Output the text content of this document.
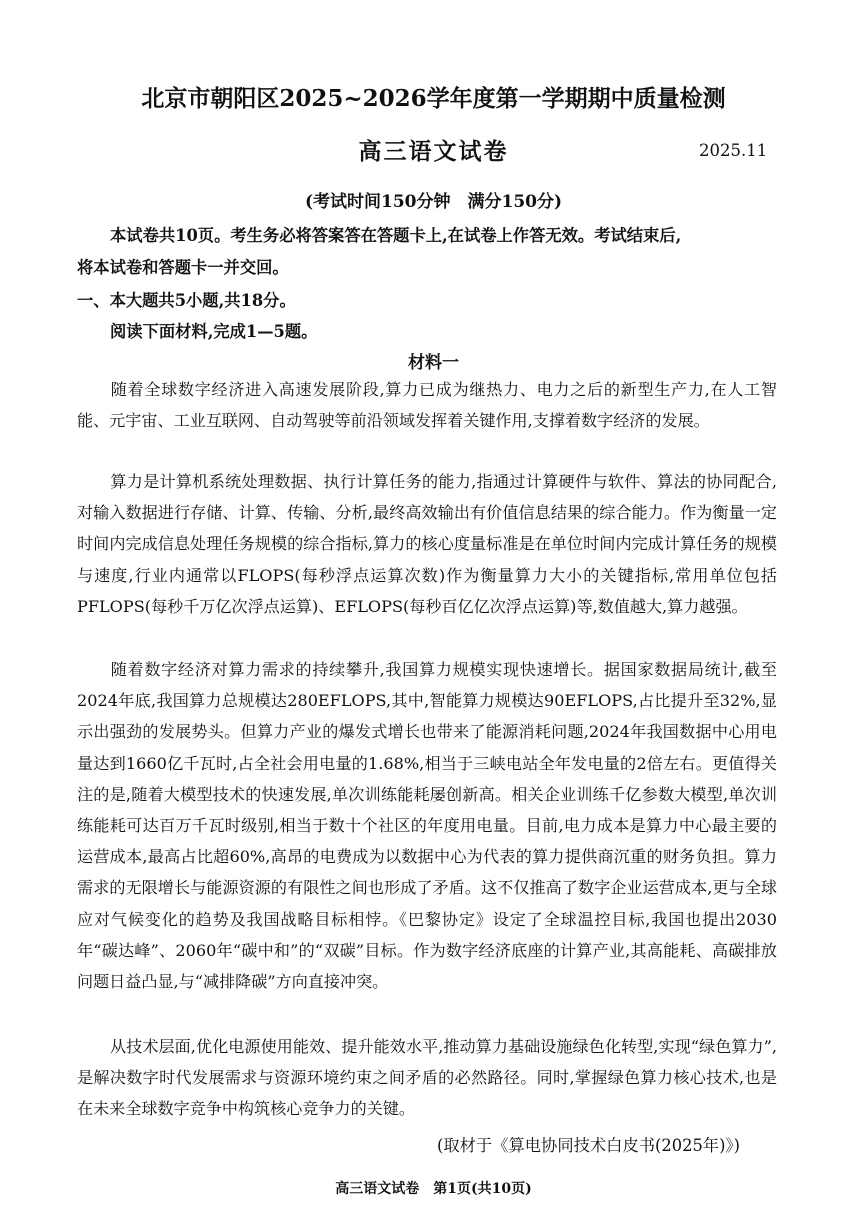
北京市朝阳区2025~2026学年度第一学期期中质量检测
高三语文试卷	2025.11
(考试时间150分钟　满分150分)
本试卷共10页。考生务必将答案答在答题卡上,在试卷上作答无效。考试结束后,
将本试卷和答题卡一并交回。
一、本大题共5小题,共18分。
阅读下面材料,完成1—5题。
材料一
随着全球数字经济进入高速发展阶段,算力已成为继热力、电力之后的新型生产力,在人工智能、元宇宙、工业互联网、自动驾驶等前沿领域发挥着关键作用,支撑着数字经济的发展。
算力是计算机系统处理数据、执行计算任务的能力,指通过计算硬件与软件、算法的协同配合,对输入数据进行存储、计算、传输、分析,最终高效输出有价值信息结果的综合能力。作为衡量一定时间内完成信息处理任务规模的综合指标,算力的核心度量标准是在单位时间内完成计算任务的规模与速度,行业内通常以FLOPS(每秒浮点运算次数)作为衡量算力大小的关键指标,常用单位包括PFLOPS(每秒千万亿次浮点运算)、EFLOPS(每秒百亿亿次浮点运算)等,数值越大,算力越强。
随着数字经济对算力需求的持续攀升,我国算力规模实现快速增长。据国家数据局统计,截至2024年底,我国算力总规模达280EFLOPS,其中,智能算力规模达90EFLOPS,占比提升至32%,显示出强劲的发展势头。但算力产业的爆发式增长也带来了能源消耗问题,2024年我国数据中心用电量达到1660亿千瓦时,占全社会用电量的1.68%,相当于三峡电站全年发电量的2倍左右。更值得关注的是,随着大模型技术的快速发展,单次训练能耗屡创新高。相关企业训练千亿参数大模型,单次训练能耗可达百万千瓦时级别,相当于数十个社区的年度用电量。目前,电力成本是算力中心最主要的运营成本,最高占比超60%,高昂的电费成为以数据中心为代表的算力提供商沉重的财务负担。算力需求的无限增长与能源资源的有限性之间也形成了矛盾。这不仅推高了数字企业运营成本,更与全球应对气候变化的趋势及我国战略目标相悖。《巴黎协定》设定了全球温控目标,我国也提出2030年“碳达峰”、2060年“碳中和”的“双碳”目标。作为数字经济底座的计算产业,其高能耗、高碳排放问题日益凸显,与“减排降碳”方向直接冲突。
从技术层面,优化电源使用能效、提升能效水平,推动算力基础设施绿色化转型,实现“绿色算力”,是解决数字时代发展需求与资源环境约束之间矛盾的必然路径。同时,掌握绿色算力核心技术,也是在未来全球数字竞争中构筑核心竞争力的关键。
(取材于《算电协同技术白皮书(2025年)》)
高三语文试卷　第1页(共10页)
